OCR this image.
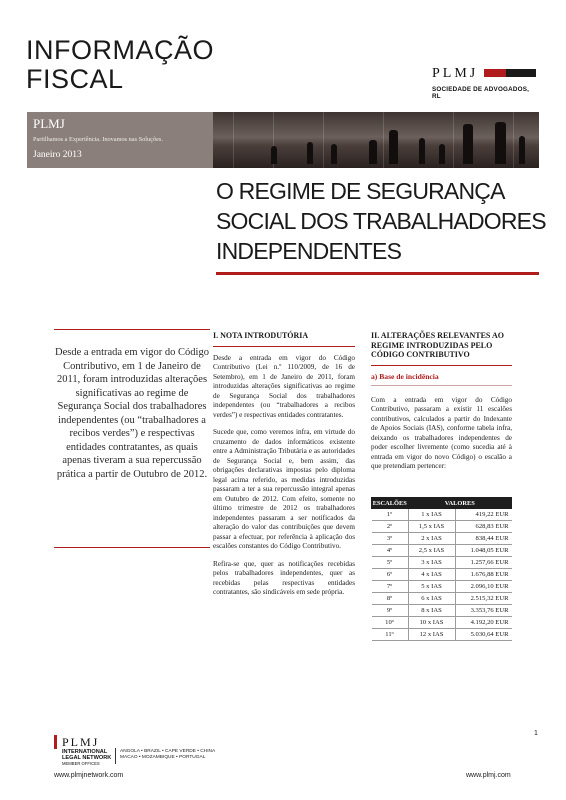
INFORMAÇÃO
FISCAL	PLMJ
SOCIEDADE DE ADVOGADOS, RL
PLMJ
Partilhamos a Experiência. Inovamos nas Soluções.
Janeiro 2013
O REGIME DE SEGURANÇA
SOCIAL DOS TRABALHADORES
INDEPENDENTES
Desde a entrada em vigor do Código Contributivo, em 1 de Janeiro de 2011, foram introduzidas alterações significativas ao regime de Segurança Social dos trabalhadores independentes (ou “trabalhadores a recibos verdes”) e respectivas entidades contratantes, as quais apenas tiveram a sua repercussão prática a partir de Outubro de 2012.
I. NOTA INTRODUTÓRIA

Desde a entrada em vigor do Código Contributivo (Lei n.º 110/2009, de 16 de Setembro), em 1 de Janeiro de 2011, foram introduzidas alterações significativas ao regime de Segurança Social dos trabalhadores independentes (ou “trabalhadores a recibos verdes”) e respectivas entidades contratantes.

Sucede que, como veremos infra, em virtude do cruzamento de dados informáticos existente entre a Administração Tributária e as autoridades de Segurança Social e, bem assim, das obrigações declarativas impostas pelo diploma legal acima referido, as medidas introduzidas passaram a ter a sua repercussão integral apenas em Outubro de 2012. Com efeito, somente no último trimestre de 2012 os trabalhadores independentes passaram a ser notificados da alteração do valor das contribuições que devem passar a efectuar, por referência à aplicação dos escalões constantes do Código Contributivo.

Refira-se que, quer as notificações recebidas pelos trabalhadores independentes, quer as recebidas pelas respectivas entidades contratantes, são sindicáveis em sede própria.

II. ALTERAÇÕES RELEVANTES AO
REGIME INTRODUZIDAS PELO
CÓDIGO CONTRIBUTIVO
a) Base de incidência

Com a entrada em vigor do Código Contributivo, passaram a existir 11 escalões contributivos, calculados a partir do Indexante de Apoios Sociais (IAS), conforme tabela infra, deixando os trabalhadores independentes de poder escolher livremente (como sucedia até à entrada em vigor do novo Código) o escalão a que pretendiam pertencer:

ESCALÕES	VALORES	
1º	1 x IAS	419,22 EUR
2º	1,5 x IAS	628,83 EUR
3º	2 x IAS	838,44 EUR
4º	2,5 x IAS	1.048,05 EUR
5º	3 x IAS	1.257,66 EUR
6º	4 x IAS	1.676,88 EUR
7º	5 x IAS	2.096,10 EUR
8º	6 x IAS	2.515,32 EUR
9º	8 x IAS	3.353,76 EUR
10º	10 x IAS	4.192,20 EUR
11º	12 x IAS	5.030,64 EUR
1
PLMJ
INTERNATIONAL
LEGAL NETWORK
MEMBER OFFICES
ANGOLA • BRAZIL • CAPE VERDE • CHINA
MACAO • MOZAMBIQUE • PORTUGAL
www.plmjnetwork.com	www.plmj.com
